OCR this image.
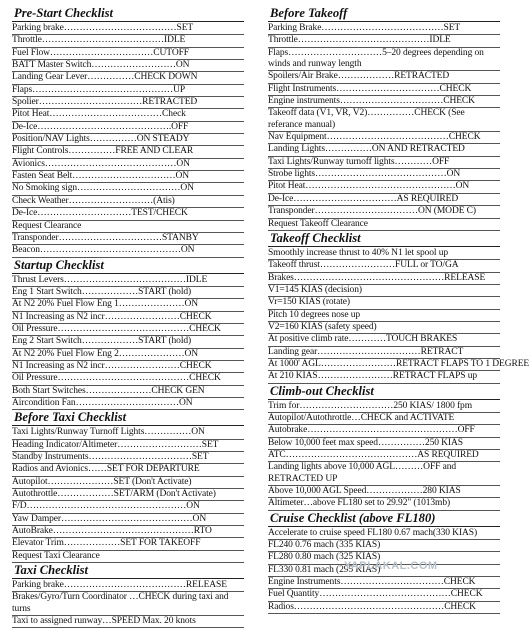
Pre-Start Checklist
Parking brake………………………………SET
Throttle…………………………………IDLE
Fuel Flow……………………………CUTOFF
BATT Master Switch………………………ON
Landing Gear Lever……………CHECK DOWN
Flaps………………………………………UP
Spolier……………………………RETRACTED
Pitot Heat………………………………Check
De-Ice…………………………………….OFF
Position/NAV Lights……………ON STEADY
Flight Controls……………FREE AND CLEAR
Avionics……………………………………ON
Fasten Seat Belt……………………………ON
No Smoking sign……………………………ON
Check Weather………………………(Atis)
De-Ice…………………………TEST/CHECK
Request Clearance
Transponder……………………………STANBY
Beacon………………………………………ON
Startup Checklist
Thrust Levers…………………………………IDLE
Eng 1 Start Switch………………START (hold)
At N2 20% Fuel Flow Eng 1…………………ON
N1 Increasing as N2 incr……………………CHECK
Oil Pressure……………………………………CHECK
Eng 2 Start Switch………………START (hold)
At N2 20% Fuel Flow Eng 2…………………ON
N1 Increasing as N2 incr……………………CHECK
Oil Pressure……………………………………CHECK
Both Start Switches…………………CHECK GEN
Aircondition Fan……………………………ON
Before Taxi Checklist
Taxi Lights/Runway Turnoff Lights……………ON
Heading Indicator/Altimeter………………………SET
Standby Instruments……………………………SET
Radios and Avionics……SET FOR DEPARTURE
Autopilot…………………SET (Don't Activate)
Autothrottle………………SET/ARM (Don't Activate)
F/D……………………………………………ON
Yaw Damper……………………………………ON
AutoBrake………………………………………RTO
Elevator Trim………………SET FOR TAKEOFF
Request Taxi Clearance
Taxi Checklist
Parking brake…………………………………RELEASE
Brakes/Gyro/Turn Coordinator …CHECK during taxi and turns
Taxi to assigned runway…SPEED Max. 20 knots
Before Takeoff
Parking Brake…………………………………SET
Throttle……………………………………IDLE
Flaps…………………………5–20 degrees depending on winds and runway length
Spoilers/Air Brake………………RETRACTED
Flight Instruments……………………………CHECK
Engine instruments……………………………CHECK
Takeoff data (V1, VR, V2)……………CHECK (See referance manual)
Nav Equipment…………………………………CHECK
Landing Lights……………ON AND RETRACTED
Taxi Lights/Runway turnoff lights…………OFF
Strobe lights……………………………………ON
Pitot Heat…………………………………………ON
De-Ice……………………………AS REQUIRED
Transponder……………………………ON (MODE C)
Request Takeoff Clearance
Takeoff Checklist
Smoothly increase thrust to 40% N1 let spool up
Takeoff thrust……………………FULL or TO/GA
Brakes…………………………………………RELEASE
V1=145 KIAS (decision)
Vr=150 KIAS (rotate)
Pitch 10 degrees nose up
V2=160 KIAS (safety speed)
At positive climb rate…………TOUCH BRAKES
Landing gear……………………………RETRACT
At 1000' AGL……………………RETRACT FLAPS TO 1 DEGREE
At 210 KIAS……………………RETRACT FLAPS up
Climb-out Checklist
Trim for…………………………250 KIAS/ 1800 fpm
Autopilot/Autothrottle…CHECK and ACTIVATE
Autobrake…………………………………………OFF
Below 10,000 feet max speed……………250 KIAS
ATC……………………………………AS REQUIRED
Landing lights above 10,000 AGL………OFF and RETRACTED UP
Above 10,000 AGL Speed………………280 KIAS
Altimeter…above FL180 set to 29.92" (1013mb)
Cruise Checklist (above FL180)
Accelerate to cruise speed FL180 0.67 mach(330 KIAS)
FL240 0.76 mach (335 KIAS)
FL280 0.80 mach (325 KIAS)
FL330 0.81 mach (295 KIAS)
Engine Instruments……………………………CHECK
Fuel Quantity……………………………………CHECK
Radios…………………………………………CHECK
YAPLAKAL.COM
